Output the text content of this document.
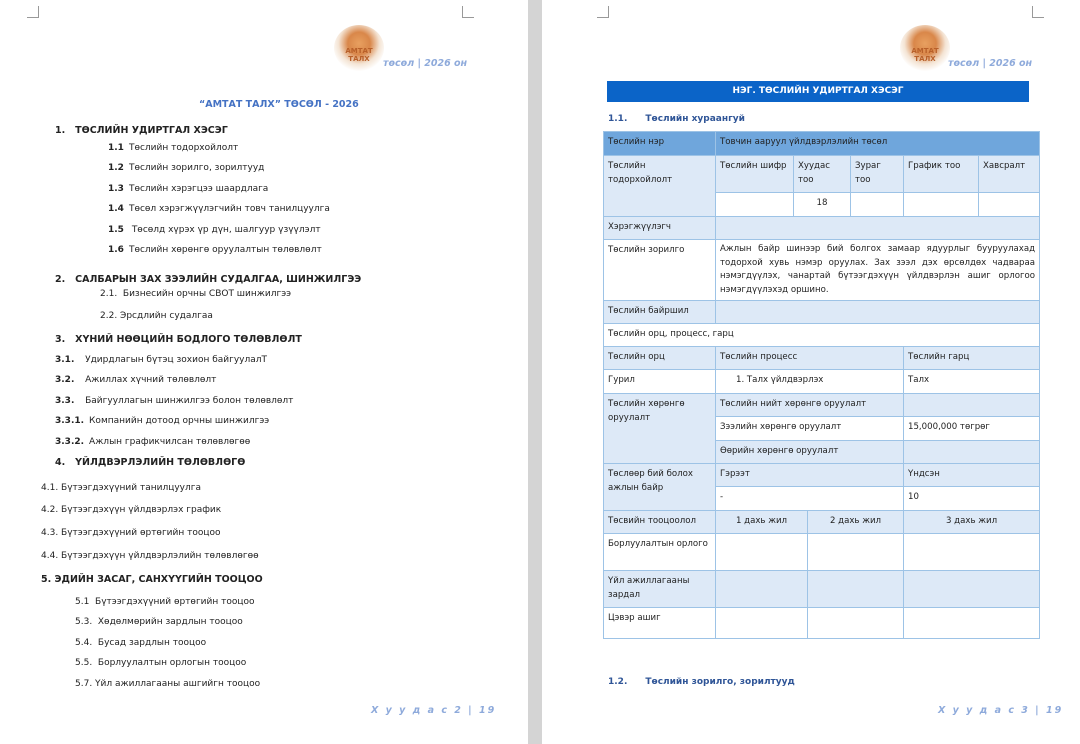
АМТАТ ТАЛХ	төсөл | 2026 он
“АМТАТ ТАЛХ” ТӨСӨЛ - 2026
1.   ТӨСЛИЙН УДИРТГАЛ ХЭСЭГ
1.1 Төслийн тодорхойлолт
1.2 Төслийн зорилго, зорилтууд
1.3 Төслийн хэрэгцээ шаардлага
1.4 Төсөл хэрэгжүүлэгчийн товч танилцуулга
1.5 Төсөлд хүрэх үр дүн, шалгуур үзүүлэлт
1.6 Төслийн хөрөнгө оруулалтын төлөвлөлт
2.   САЛБАРЫН ЗАХ ЗЭЭЛИЙН СУДАЛГАА, ШИНЖИЛГЭЭ
2.1.  Бизнесийн орчны СВОТ шинжилгээ
2.2. Эрсдлийн судалгаа
3.   ХҮНИЙ НӨӨЦИЙН БОДЛОГО ТӨЛӨВЛӨЛТ
3.1.  Удирдлагын бүтэц зохион байгуулалТ
3.2.  Ажиллах хүчний төлөвлөлт
3.3.  Байгууллагын шинжилгээ болон төлөвлөлт
3.3.1. Компанийн дотоод орчны шинжилгээ
3.3.2. Ажлын графикчилсан төлөвлөгөө
4.   ҮЙЛДВЭРЛЭЛИЙН ТӨЛӨВЛӨГӨ
4.1. Бүтээгдэхүүний танилцуулга
4.2. Бүтээгдэхүүн үйлдвэрлэх график
4.3. Бүтээгдэхүүний өртөгийн тооцоо
4.4. Бүтээгдэхүүн үйлдвэрлэлийн төлөвлөгөө
5. ЭДИЙН ЗАСАГ, САНХҮҮГИЙН ТООЦОО
5.1  Бүтээгдэхүүний өртөгийн тооцоо
5.3.  Хөдөлмөрийн зардлын тооцоо
5.4.  Бусад зардлын тооцоо
5.5.  Борлуулалтын орлогын тооцоо
5.7. Үйл ажиллагааны ашгийгн тооцоо
Х у у д а с 2 | 19
АМТАТ ТАЛХ	төсөл | 2026 он
1.2. Төслийн зорилго, зорилтууд
Х у у д а с 3 | 19
НЭГ. ТӨСЛИЙН УДИРТГАЛ ХЭСЭГ
1.1. Төслийн хураангуй
Төслийн нэр	Товчин ааруул үйлдвэрлэлийн төсөл					
Төслийн тодорхойлолт	Төслийн шифр	Хуудас тоо		Зураг тоо	График тоо	Хавсралт
		18				
Хэрэгжүүлэгч						
Төслийн зорилго	Ажлын байр шинээр бий болгох замаар ядуурлыг бууруулахад тодорхой хувь нэмэр оруулах. Зах зээл дэх өрсөлдөх чадвараа нэмэгдүүлэх, чанартай бүтээгдэхүүн үйлдвэрлэн ашиг орлогоо нэмэгдүүлэхэд оршино.					
Төслийн байршил						
Төслийн орц, процесс, гарц						
Төслийн орц	Төслийн процесс				Төслийн гарц	
Гурил	1. Талх үйлдвэрлэх				Талх	
Төслийн хөрөнгө оруулалт	Төслийн нийт хөрөнгө оруулалт					
	Зээлийн хөрөнгө оруулалт				15,000,000 төгрөг	
	Өөрийн хөрөнгө оруулалт					
Төслөөр бий болох ажлын байр	Гэрээт				Үндсэн	
	-				10	
Төсвийн тооцоолол	1 дахь жил		2 дахь жил		3 дахь жил	
Борлуулалтын орлого						
Үйл ажиллагааны зардал						
Цэвэр ашиг						
